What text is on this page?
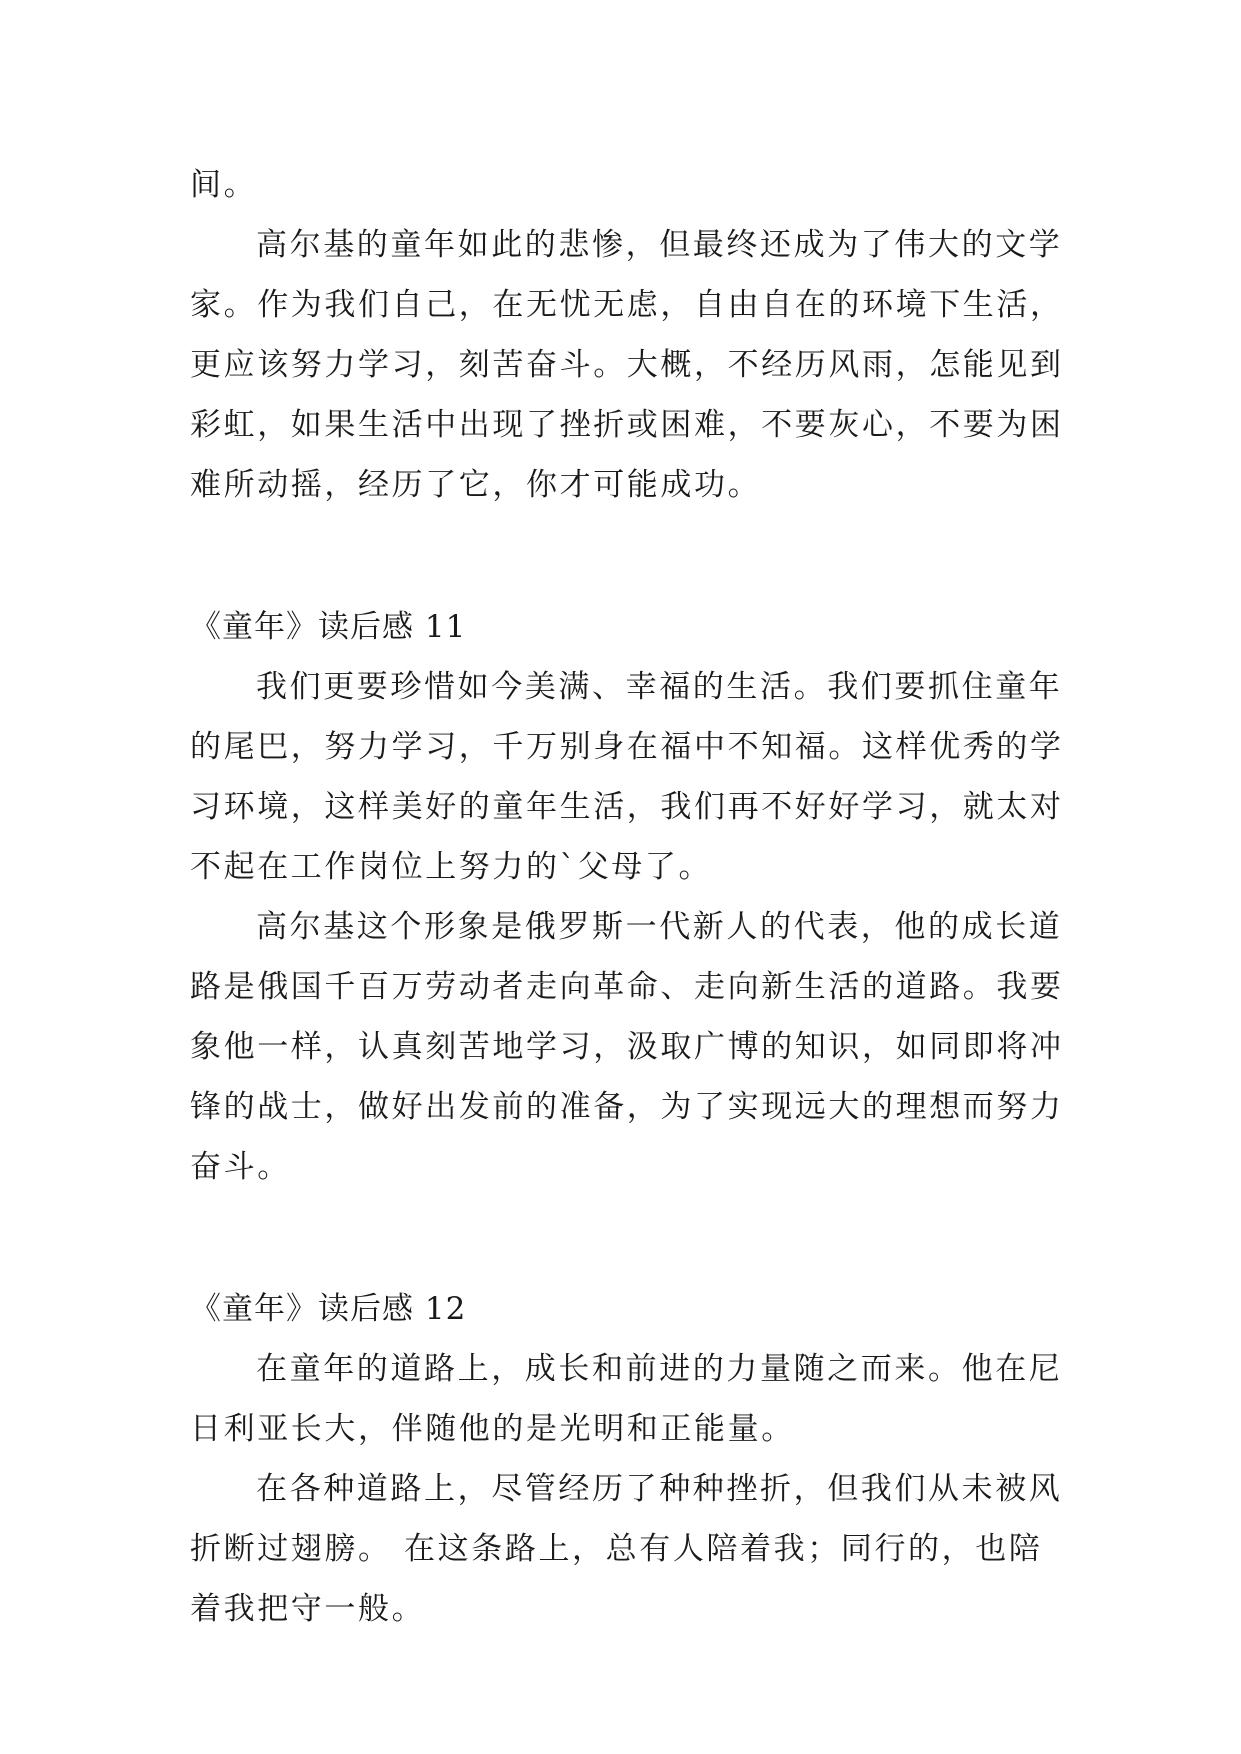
间。
高尔基的童年如此的悲惨，但最终还成为了伟大的文学
家。作为我们自己，在无忧无虑，自由自在的环境下生活，
更应该努力学习，刻苦奋斗。大概，不经历风雨，怎能见到
彩虹，如果生活中出现了挫折或困难，不要灰心，不要为困
难所动摇，经历了它，你才可能成功。
《童年》读后感 11
我们更要珍惜如今美满、幸福的生活。我们要抓住童年
的尾巴，努力学习，千万别身在福中不知福。这样优秀的学
习环境，这样美好的童年生活，我们再不好好学习，就太对
不起在工作岗位上努力的`父母了。
高尔基这个形象是俄罗斯一代新人的代表，他的成长道
路是俄国千百万劳动者走向革命、走向新生活的道路。我要
象他一样，认真刻苦地学习，汲取广博的知识，如同即将冲
锋的战士，做好出发前的准备，为了实现远大的理想而努力
奋斗。
《童年》读后感 12
在童年的道路上，成长和前进的力量随之而来。他在尼
日利亚长大，伴随他的是光明和正能量。
在各种道路上，尽管经历了种种挫折，但我们从未被风
折断过翅膀。 在这条路上，总有人陪着我；同行的，也陪
着我把守一般。
